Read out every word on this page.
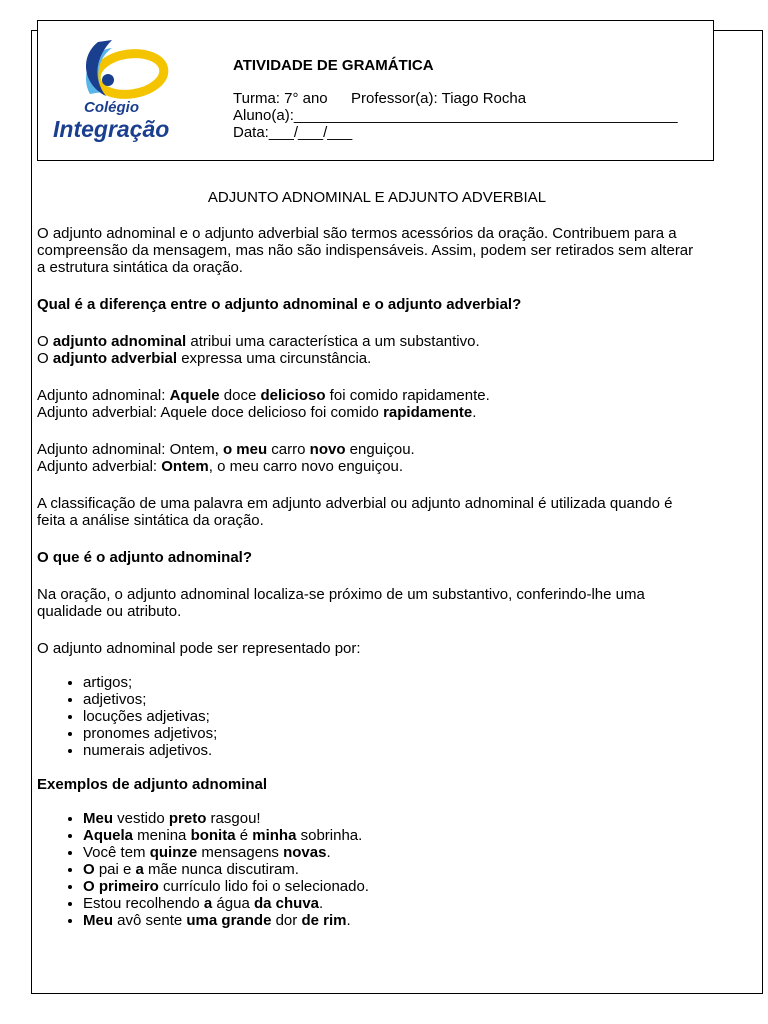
Colégio
Integração
ATIVIDADE DE GRAMÁTICA
Turma: 7° ano Professor(a): Tiago Rocha
Aluno(a):______________________________________________
Data:___/___/___

ADJUNTO ADNOMINAL E ADJUNTO ADVERBIAL

O adjunto adnominal e o adjunto adverbial são termos acessórios da oração. Contribuem para a

compreensão da mensagem, mas não são indispensáveis. Assim, podem ser retirados sem alterar

a estrutura sintática da oração.

Qual é a diferença entre o adjunto adnominal e o adjunto adverbial?

O adjunto adnominal atribui uma característica a um substantivo.

O adjunto adverbial expressa uma circunstância.

Adjunto adnominal: Aquele doce delicioso foi comido rapidamente.

Adjunto adverbial: Aquele doce delicioso foi comido rapidamente.

Adjunto adnominal: Ontem, o meu carro novo enguiçou.

Adjunto adverbial: Ontem, o meu carro novo enguiçou.

A classificação de uma palavra em adjunto adverbial ou adjunto adnominal é utilizada quando é

feita a análise sintática da oração.

O que é o adjunto adnominal?

Na oração, o adjunto adnominal localiza-se próximo de um substantivo, conferindo-lhe uma

qualidade ou atributo.

O adjunto adnominal pode ser representado por:

• artigos;
• adjetivos;
• locuções adjetivas;
• pronomes adjetivos;
• numerais adjetivos.

Exemplos de adjunto adnominal

• Meu vestido preto rasgou!
• Aquela menina bonita é minha sobrinha.
• Você tem quinze mensagens novas.
• O pai e a mãe nunca discutiram.
• O primeiro currículo lido foi o selecionado.
• Estou recolhendo a água da chuva.
• Meu avô sente uma grande dor de rim.
